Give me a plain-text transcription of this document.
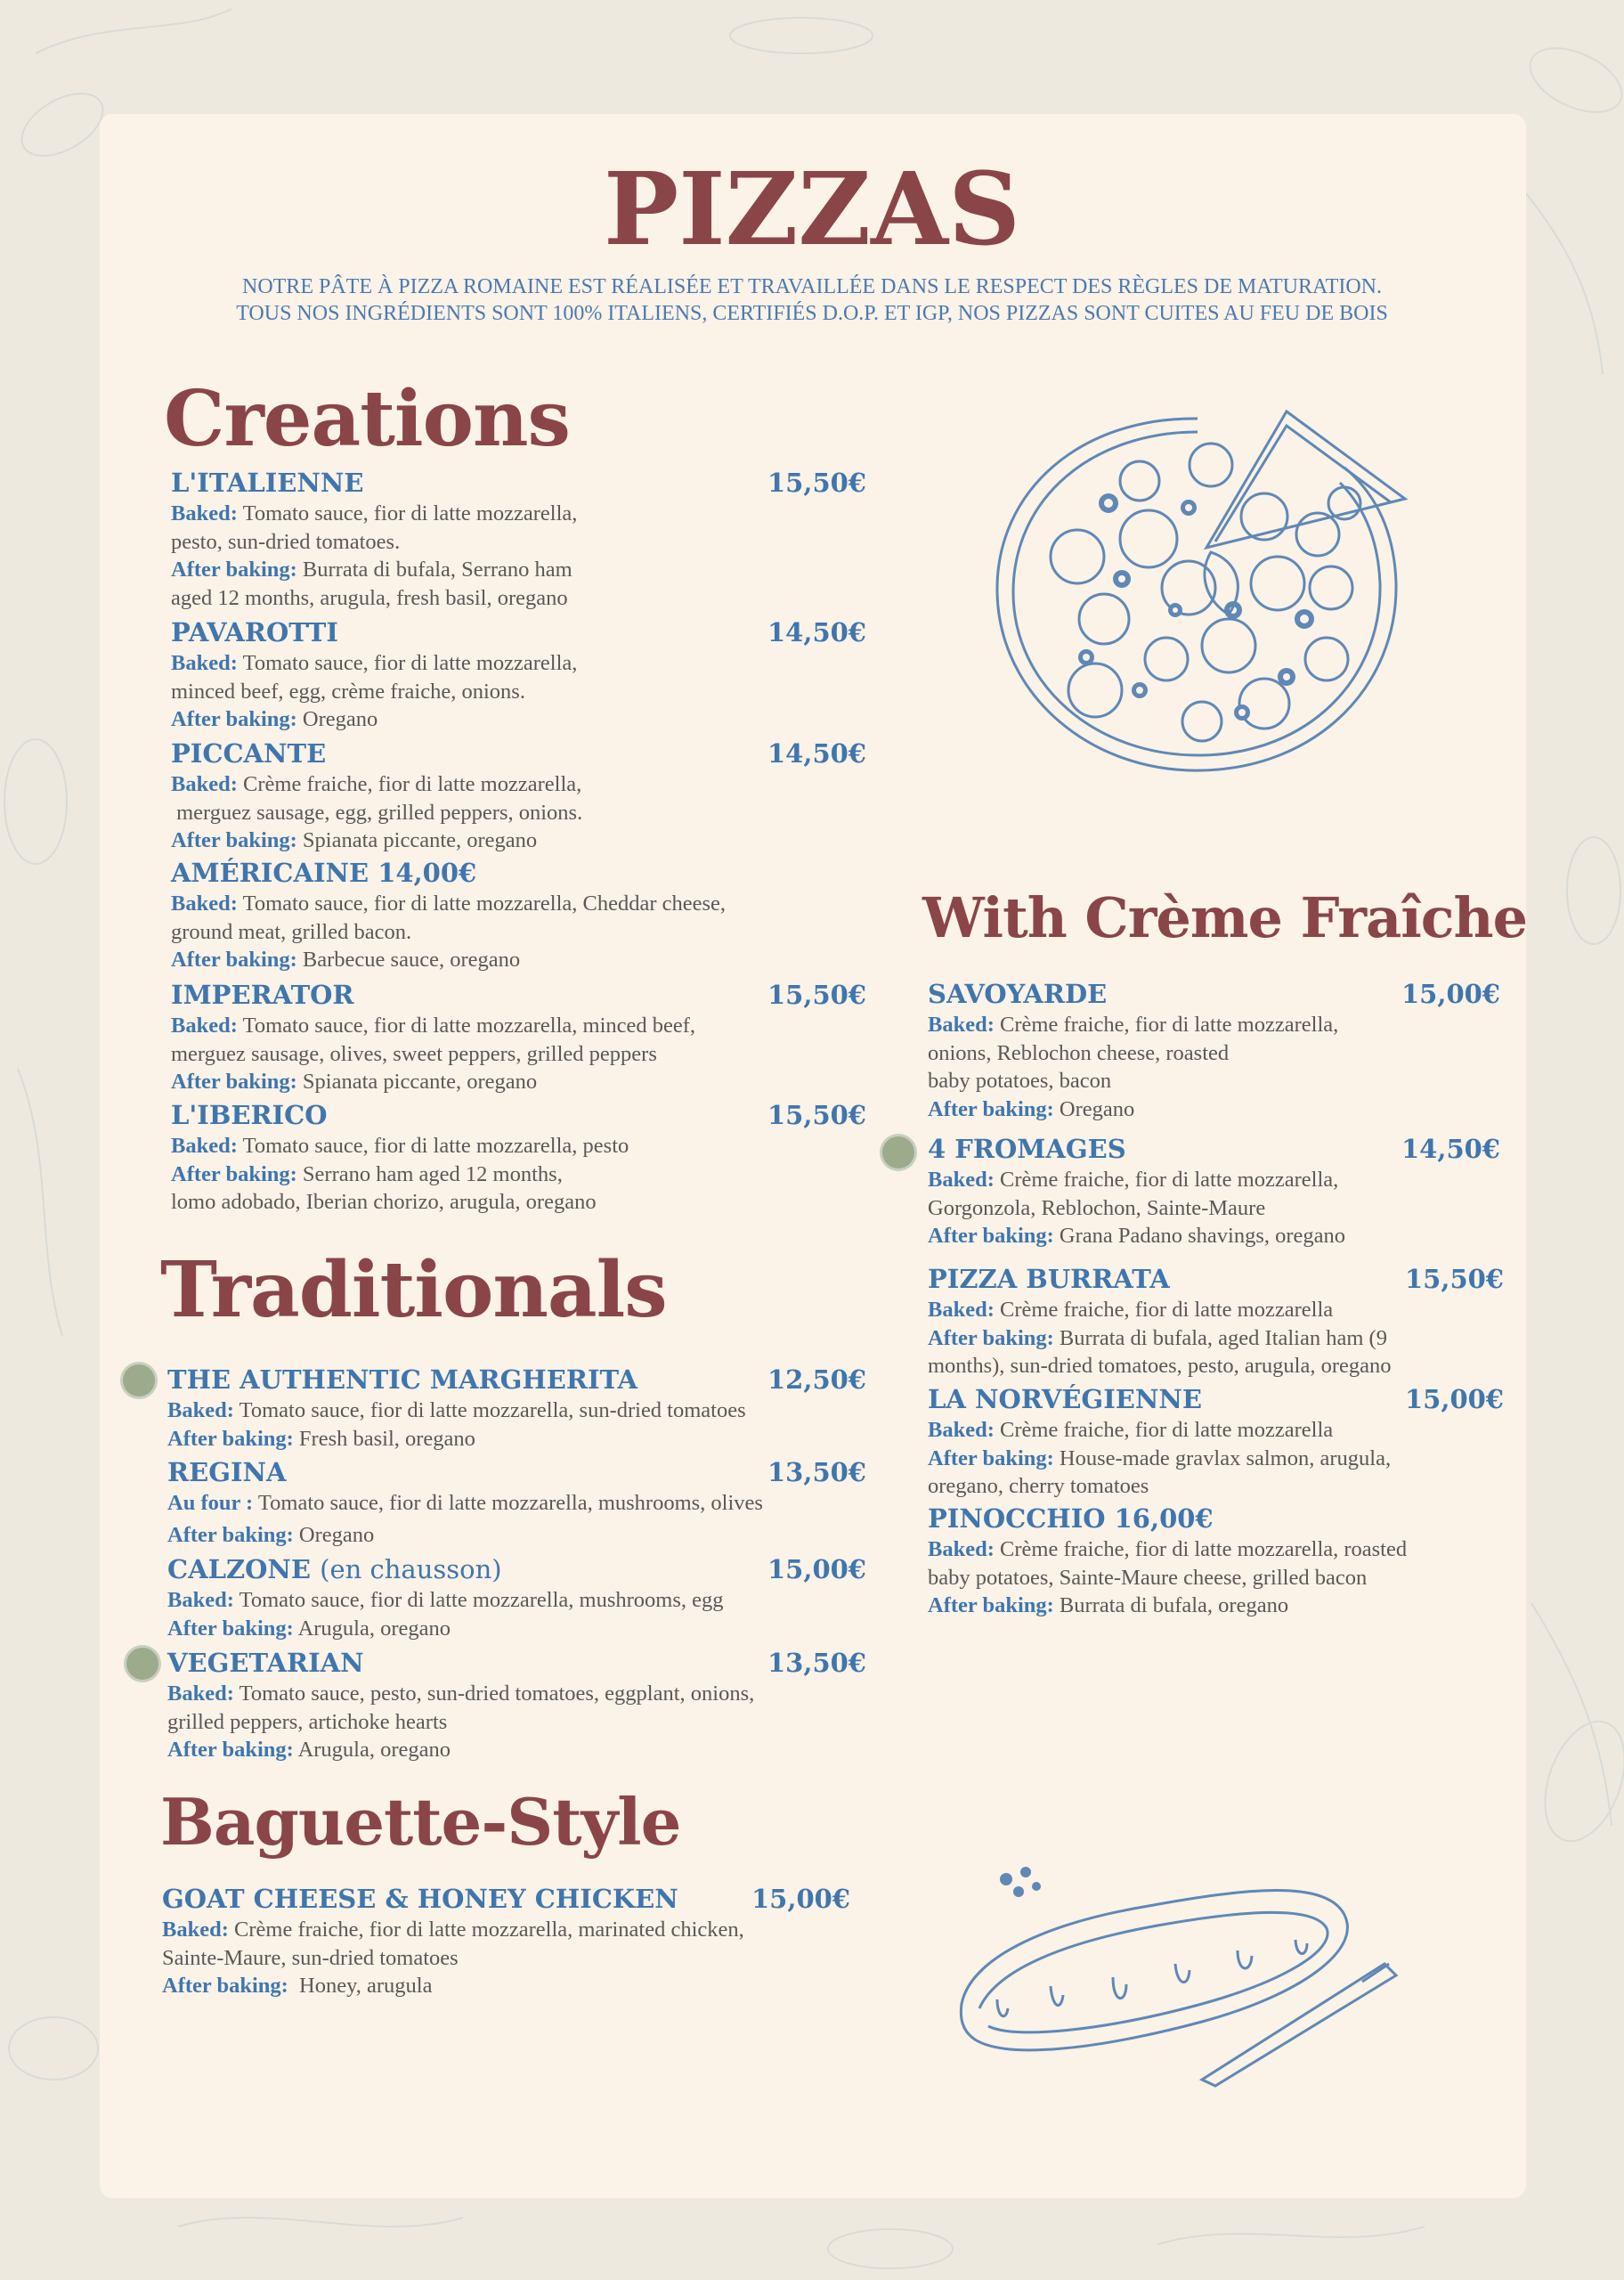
PIZZAS

NOTRE PÂTE À PIZZA ROMAINE EST RÉALISÉE ET TRAVAILLÉE DANS LE RESPECT DES RÈGLES DE MATURATION.

TOUS NOS INGRÉDIENTS SONT 100% ITALIENS, CERTIFIÉS D.O.P. ET IGP, NOS PIZZAS SONT CUITES AU FEU DE BOIS

Creations
Traditionals
Baguette-Style
With Crème Fraîche
L'ITALIENNE	15,50€

Baked: Tomato sauce, fior di latte mozzarella,

pesto, sun-dried tomatoes.

After baking: Burrata di bufala, Serrano ham

aged 12 months, arugula, fresh basil, oregano

PAVAROTTI	14,50€

Baked: Tomato sauce, fior di latte mozzarella,

minced beef, egg, crème fraiche, onions.

After baking: Oregano

PICCANTE	14,50€

Baked: Crème fraiche, fior di latte mozzarella,

merguez sausage, egg, grilled peppers, onions.

After baking: Spianata piccante, oregano

AMÉRICAINE 14,00€

Baked: Tomato sauce, fior di latte mozzarella, Cheddar cheese,

ground meat, grilled bacon.

After baking: Barbecue sauce, oregano

IMPERATOR	15,50€

Baked: Tomato sauce, fior di latte mozzarella, minced beef,

merguez sausage, olives, sweet peppers, grilled peppers

After baking: Spianata piccante, oregano

L'IBERICO	15,50€

Baked: Tomato sauce, fior di latte mozzarella, pesto

After baking: Serrano ham aged 12 months,

lomo adobado, Iberian chorizo, arugula, oregano

THE AUTHENTIC MARGHERITA	12,50€

Baked: Tomato sauce, fior di latte mozzarella, sun-dried tomatoes

After baking: Fresh basil, oregano

REGINA	13,50€

Au four : Tomato sauce, fior di latte mozzarella, mushrooms, olives

After baking: Oregano

CALZONE (en chausson)	15,00€

Baked: Tomato sauce, fior di latte mozzarella, mushrooms, egg

After baking: Arugula, oregano

VEGETARIAN	13,50€

Baked: Tomato sauce, pesto, sun-dried tomatoes, eggplant, onions,

grilled peppers, artichoke hearts

After baking: Arugula, oregano

GOAT CHEESE & HONEY CHICKEN	15,00€

Baked: Crème fraiche, fior di latte mozzarella, marinated chicken,

Sainte-Maure, sun-dried tomatoes

After baking:  Honey, arugula

SAVOYARDE	15,00€

Baked: Crème fraiche, fior di latte mozzarella,

onions, Reblochon cheese, roasted

baby potatoes, bacon

After baking: Oregano

4 FROMAGES	14,50€

Baked: Crème fraiche, fior di latte mozzarella,

Gorgonzola, Reblochon, Sainte-Maure

After baking: Grana Padano shavings, oregano

PIZZA BURRATA	15,50€

Baked: Crème fraiche, fior di latte mozzarella

After baking: Burrata di bufala, aged Italian ham (9

months), sun-dried tomatoes, pesto, arugula, oregano

LA NORVÉGIENNE	15,00€

Baked: Crème fraiche, fior di latte mozzarella

After baking: House-made gravlax salmon, arugula,

oregano, cherry tomatoes

PINOCCHIO 16,00€

Baked: Crème fraiche, fior di latte mozzarella, roasted

baby potatoes, Sainte-Maure cheese, grilled bacon

After baking: Burrata di bufala, oregano
